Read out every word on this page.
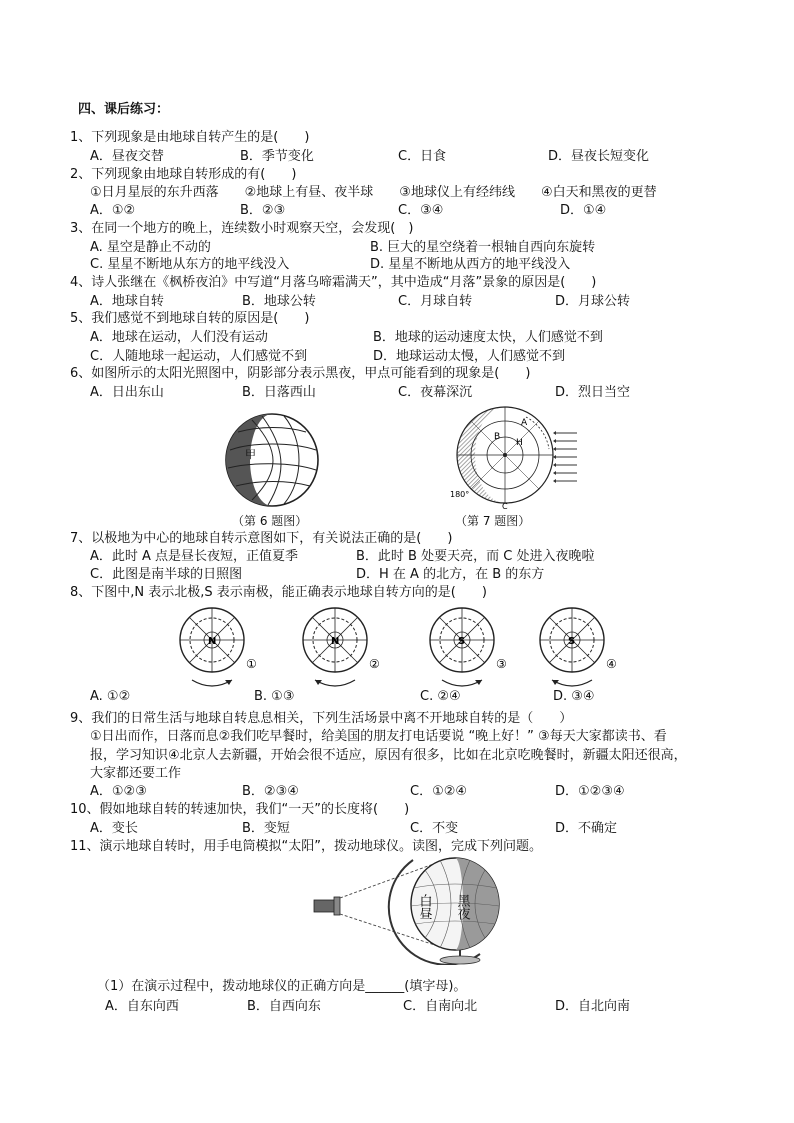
四、课后练习：
1、下列现象是由地球自转产生的是(　　)
A．昼夜交替	B．季节变化	C．日食	D．昼夜长短变化
2、下列现象由地球自转形成的有(　　)
①日月星辰的东升西落　　②地球上有昼、夜半球　　③地球仪上有经纬线　　④白天和黑夜的更替
A．①②	B．②③	C．③④	D．①④
3、在同一个地方的晚上，连续数小时观察天空，会发现(　)
A. 星空是静止不动的	B. 巨大的星空绕着一根轴自西向东旋转
C. 星星不断地从东方的地平线没入	D. 星星不断地从西方的地平线没入
4、诗人张继在《枫桥夜泊》中写道“月落乌啼霜满天”，其中造成“月落”景象的原因是(　　)
A．地球自转	B．地球公转	C．月球自转	D．月球公转
5、我们感觉不到地球自转的原因是(　　)
A．地球在运动，人们没有运动	B．地球的运动速度太快，人们感觉不到
C．人随地球一起运动，人们感觉不到	D．地球运动太慢，人们感觉不到
6、如图所示的太阳光照图中，阴影部分表示黑夜，甲点可能看到的现象是(　　)
A．日出东山	B．日落西山	C．夜幕深沉	D．烈日当空
甲
（第 6 题图）
A
B
H
C
180°
（第 7 题图）
7、以极地为中心的地球自转示意图如下，有关说法正确的是(　　)
A．此时 A 点是昼长夜短，正值夏季	B．此时 B 处要天亮，而 C 处进入夜晚啦
C．此图是南半球的日照图	D．H 在 A 的北方，在 B 的东方
8、下图中,N 表示北极,S 表示南极，能正确表示地球自转方向的是(　　)
N
①
N
②
S
③
S
④
A. ①②	B. ①③	C. ②④	D. ③④
9、我们的日常生活与地球自转息息相关，下列生活场景中离不开地球自转的是（　　）
①日出而作，日落而息②我们吃早餐时，给美国的朋友打电话要说 “晚上好！” ③每天大家都读书、看
报，学习知识④北京人去新疆，开始会很不适应，原因有很多，比如在北京吃晚餐时，新疆太阳还很高，
大家都还要工作
A．①②③	B．②③④	C．①②④	D．①②③④
10、假如地球自转的转速加快，我们“一天”的长度将(　　)
A．变长	B．变短	C．不变	D．不确定
11、演示地球自转时，用手电筒模拟“太阳”，拨动地球仪。读图，完成下列问题。
白昼 黑夜
（1）在演示过程中，拨动地球仪的正确方向是______(填字母)。
A．自东向西	B．自西向东	C．自南向北	D．自北向南
